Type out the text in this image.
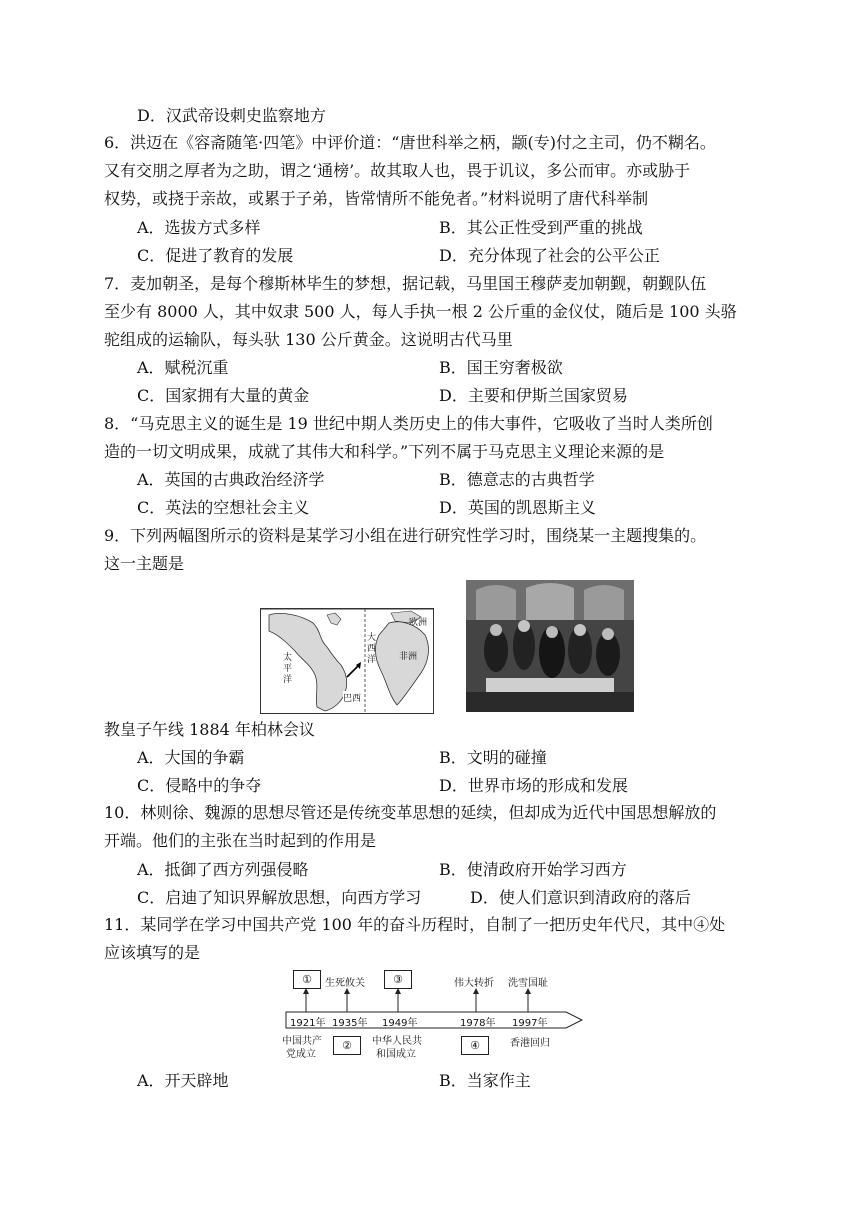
D．汉武帝设刺史监察地方
6．洪迈在《容斋随笔·四笔》中评价道：“唐世科举之柄，颛(专)付之主司，仍不糊名。
又有交朋之厚者为之助，谓之‘通榜’。故其取人也，畏于讥议，多公而审。亦或胁于
权势，或挠于亲故，或累于子弟，皆常情所不能免者。”材料说明了唐代科举制
A．选拔方式多样	B．其公正性受到严重的挑战
C．促进了教育的发展	D．充分体现了社会的公平公正
7．麦加朝圣，是每个穆斯林毕生的梦想，据记载，马里国王穆萨麦加朝觐，朝觐队伍
至少有 8000 人，其中奴隶 500 人，每人手执一根 2 公斤重的金仪仗，随后是 100 头骆
驼组成的运输队，每头驮 130 公斤黄金。这说明古代马里
A．赋税沉重	B．国王穷奢极欲
C．国家拥有大量的黄金	D．主要和伊斯兰国家贸易
8．“马克思主义的诞生是 19 世纪中期人类历史上的伟大事件，它吸收了当时人类所创
造的一切文明成果，成就了其伟大和科学。”下列不属于马克思主义理论来源的是
A．英国的古典政治经济学	B．德意志的古典哲学
C．英法的空想社会主义	D．英国的凯恩斯主义
9．下列两幅图所示的资料是某学习小组在进行研究性学习时，围绕某一主题搜集的。
这一主题是
太平洋
大西洋	非洲
欧洲
巴西
教皇子午线 1884 年柏林会议
A．大国的争霸	B．文明的碰撞
C．侵略中的争夺	D．世界市场的形成和发展
10．林则徐、魏源的思想尽管还是传统变革思想的延续，但却成为近代中国思想解放的
开端。他们的主张在当时起到的作用是
A．抵御了西方列强侵略	B．使清政府开始学习西方
C．启迪了知识界解放思想，向西方学习	D．使人们意识到清政府的落后
11．某同学在学习中国共产党 100 年的奋斗历程时，自制了一把历史年代尺，其中④处
应该填写的是
①	生死攸关	③	伟大转折 洗雪国耻
1921年 1935年 1949年	1978年 1997年
中国共产
党成立
②	中华人民共
和国成立
④	香港回归
A．开天辟地	B．当家作主
